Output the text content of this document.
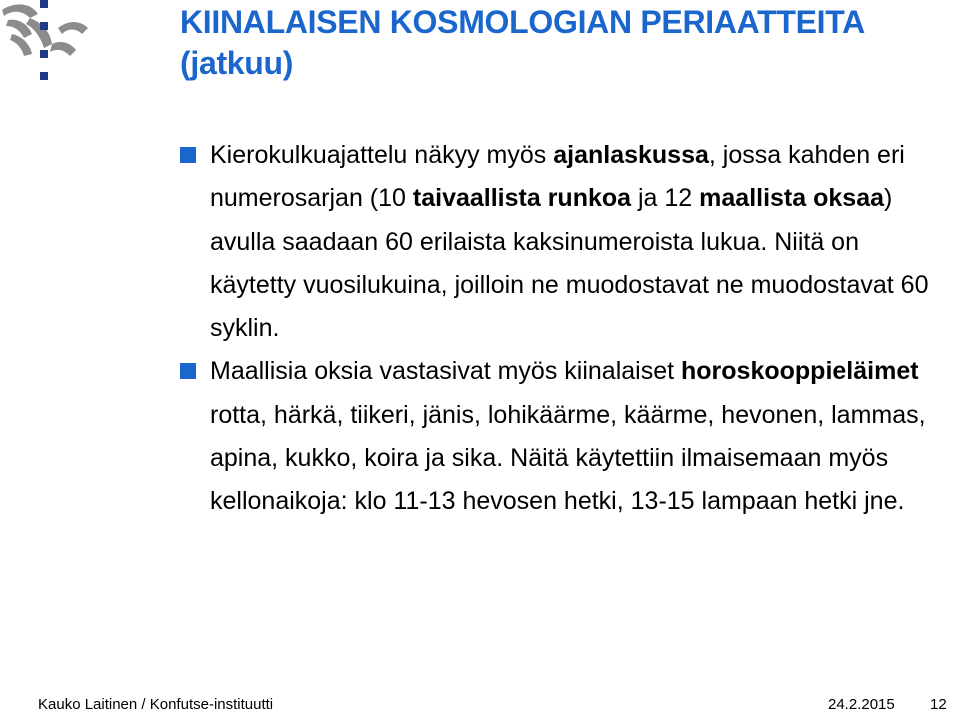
KIINALAISEN KOSMOLOGIAN PERIAATTEITA
(jatkuu)
Kierokulkuajattelu näkyy myös ajanlaskussa, jossa kahden eri numerosarjan (10 taivaallista runkoa ja 12 maallista oksaa) avulla saadaan 60 erilaista kaksinumeroista lukua. Niitä on käytetty vuosilukuina, joilloin ne muodostavat ne muodostavat 60 syklin.
Maallisia oksia vastasivat myös kiinalaiset horoskooppieläimet rotta, härkä, tiikeri, jänis, lohikäärme, käärme, hevonen, lammas, apina, kukko, koira ja sika. Näitä käytettiin ilmaisemaan myös kellonaikoja: klo 11-13 hevosen hetki, 13-15 lampaan hetki jne.
Kauko Laitinen / Konfutse-instituutti	24.2.2015 12
